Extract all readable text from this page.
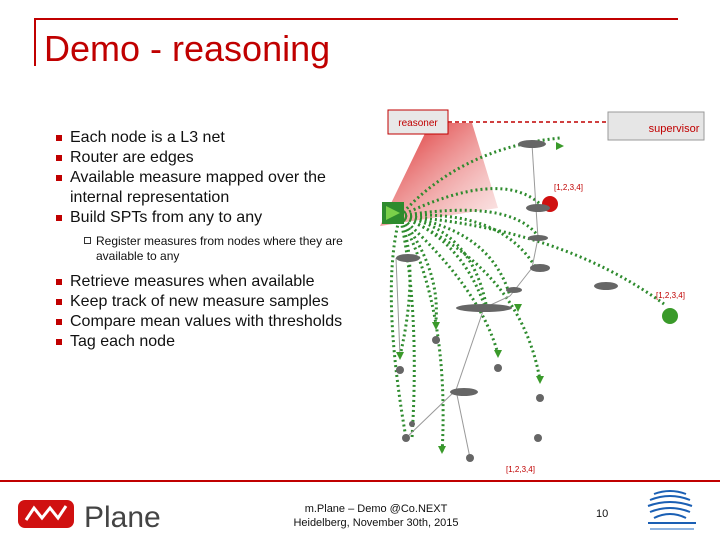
Demo - reasoning
Each node is a L3 net
Router are edges
Available measure mapped over the internal representation
Build SPTs from any to any
Register measures from nodes where they are available to any
Retrieve measures when available
Keep track of new measure samples
Compare mean values with thresholds
Tag each node
reasoner	supervisor
[1,2,3,4]
[1,2,3,4]
[1,2,3,4]
Plane	m.Plane – Demo @Co.NEXT
Heidelberg, November 30th, 2015
10
